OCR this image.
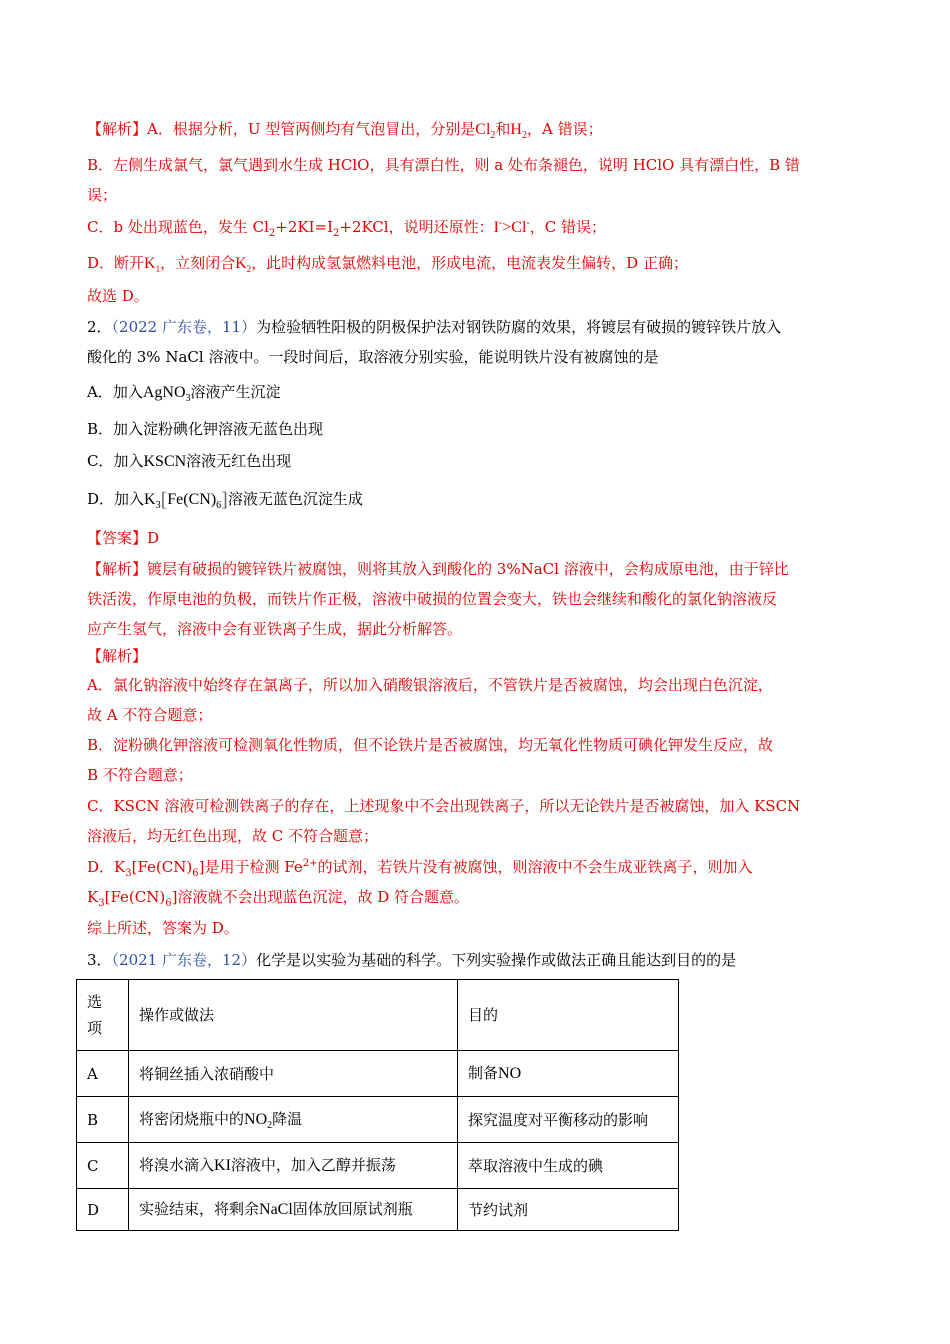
【解析】A．根据分析，U 型管两侧均有气泡冒出，分别是$Cl_2$和$H_2$，A 错误；
B．左侧生成氯气，氯气遇到水生成 HClO，具有漂白性，则 a 处布条褪色，说明 HClO 具有漂白性，B 错
误；
C．b 处出现蓝色，发生 $Cl_2+2KI=I_2+2KCl$，说明还原性：I->Cl-，C 错误；
D．断开$K_1$，立刻闭合$K_2$，此时构成氢氯燃料电池，形成电流，电流表发生偏转，D 正确；
故选 D。
2．（2022 广东卷，11）为检验牺牲阳极的阴极保护法对钢铁防腐的效果，将镀层有破损的镀锌铁片放入
酸化的 3% NaCl 溶液中。一段时间后，取溶液分别实验，能说明铁片没有被腐蚀的是
A．加入AgNO$_3$溶液产生沉淀
B．加入淀粉碘化钾溶液无蓝色出现
C．加入KSCN溶液无红色出现
D．加入$K_3[Fe(CN)_6]$溶液无蓝色沉淀生成
【答案】D
【解析】镀层有破损的镀锌铁片被腐蚀，则将其放入到酸化的 3%NaCl 溶液中，会构成原电池，由于锌比
铁活泼，作原电池的负极，而铁片作正极，溶液中破损的位置会变大，铁也会继续和酸化的氯化钠溶液反
应产生氢气，溶液中会有亚铁离子生成，据此分析解答。
【解析】
A．氯化钠溶液中始终存在氯离子，所以加入硝酸银溶液后，不管铁片是否被腐蚀，均会出现白色沉淀，
故 A 不符合题意；
B．淀粉碘化钾溶液可检测氧化性物质，但不论铁片是否被腐蚀，均无氧化性物质可碘化钾发生反应，故
B 不符合题意；
C．KSCN 溶液可检测铁离子的存在，上述现象中不会出现铁离子，所以无论铁片是否被腐蚀，加入 KSCN
溶液后，均无红色出现，故 C 不符合题意；
D．$K_3[Fe(CN)_6]$是用于检测 $Fe^{2+}$的试剂，若铁片没有被腐蚀，则溶液中不会生成亚铁离子，则加入
$K_3[Fe(CN)_6]$溶液就不会出现蓝色沉淀，故 D 符合题意。
综上所述，答案为 D。
3．（2021 广东卷，12）化学是以实验为基础的科学。下列实验操作或做法正确且能达到目的的是
选项	操作或做法	目的
A	将铜丝插入浓硝酸中	制备NO
B	将密闭烧瓶中的$NO_2$降温	探究温度对平衡移动的影响
C	将溴水滴入KI溶液中，加入乙醇并振荡	萃取溶液中生成的碘
D	实验结束，将剩余NaCl固体放回原试剂瓶	节约试剂
